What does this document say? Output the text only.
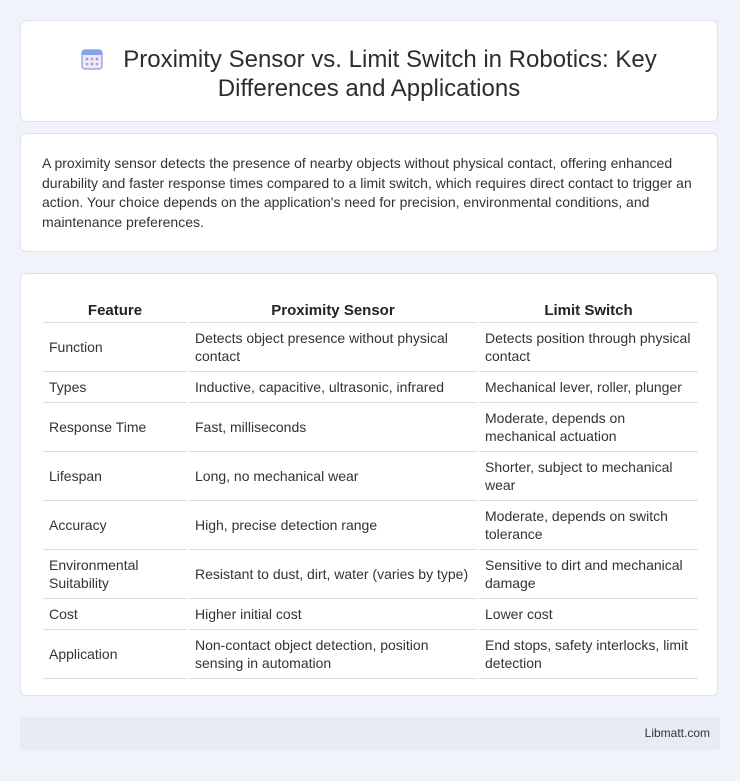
Proximity Sensor vs. Limit Switch in Robotics: Key
Differences and Applications

A proximity sensor detects the presence of nearby objects without physical contact, offering enhanced durability and faster response times compared to a limit switch, which requires direct contact to trigger an action. Your choice depends on the application's need for precision, environmental conditions, and maintenance preferences.

Feature	Proximity Sensor	Limit Switch
Function	Detects object presence without physical contact	Detects position through physical contact
Types	Inductive, capacitive, ultrasonic, infrared	Mechanical lever, roller, plunger
Response Time	Fast, milliseconds	Moderate, depends on mechanical actuation
Lifespan	Long, no mechanical wear	Shorter, subject to mechanical wear
Accuracy	High, precise detection range	Moderate, depends on switch tolerance
Environmental Suitability	Resistant to dust, dirt, water (varies by type)	Sensitive to dirt and mechanical damage
Cost	Higher initial cost	Lower cost
Application	Non-contact object detection, position sensing in automation	End stops, safety interlocks, limit detection
Libmatt.com
